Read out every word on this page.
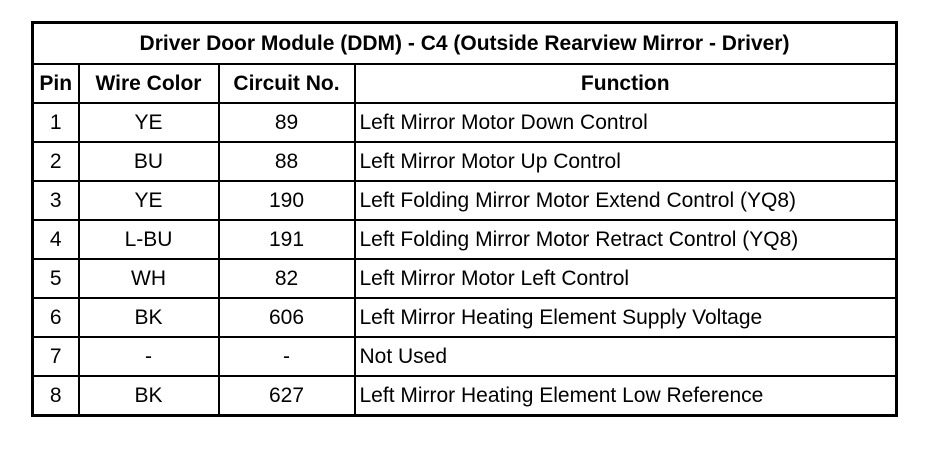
Driver Door Module (DDM) - C4 (Outside Rearview Mirror - Driver)			
Pin	Wire Color	Circuit No.	Function
1	YE	89	Left Mirror Motor Down Control
2	BU	88	Left Mirror Motor Up Control
3	YE	190	Left Folding Mirror Motor Extend Control (YQ8)
4	L-BU	191	Left Folding Mirror Motor Retract Control (YQ8)
5	WH	82	Left Mirror Motor Left Control
6	BK	606	Left Mirror Heating Element Supply Voltage
7	-	-	Not Used
8	BK	627	Left Mirror Heating Element Low Reference
